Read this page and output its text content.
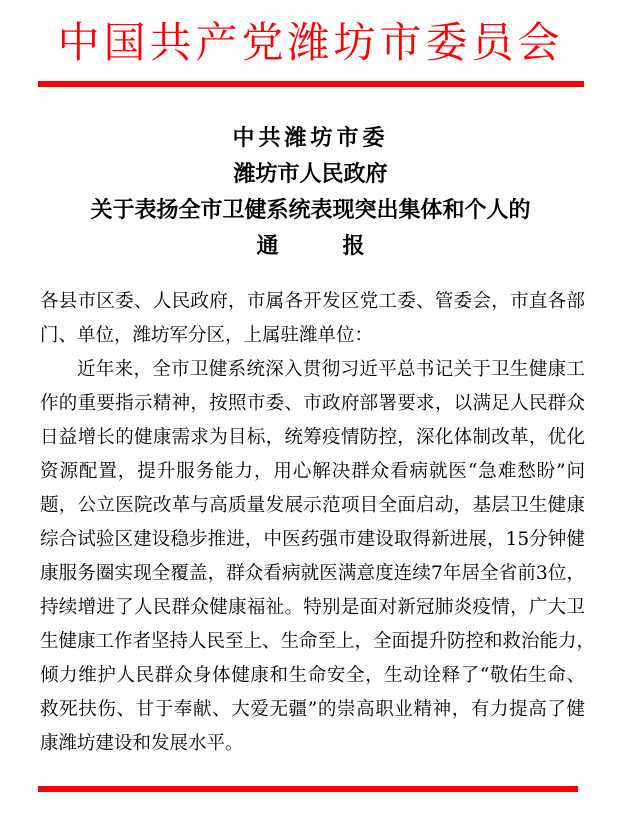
中国共产党潍坊市委员会
中共潍坊市委
潍坊市人民政府
关于表扬全市卫健系统表现突出集体和个人的
通	报
各县市区委、人民政府，市属各开发区党工委、管委会，市直各部
门、单位，潍坊军分区，上属驻潍单位：
近年来，全市卫健系统深入贯彻习近平总书记关于卫生健康工
作的重要指示精神，按照市委、市政府部署要求，以满足人民群众
日益增长的健康需求为目标，统筹疫情防控，深化体制改革，优化
资源配置，提升服务能力，用心解决群众看病就医“急难愁盼”问
题，公立医院改革与高质量发展示范项目全面启动，基层卫生健康
综合试验区建设稳步推进，中医药强市建设取得新进展，15分钟健
康服务圈实现全覆盖，群众看病就医满意度连续7年居全省前3位，
持续增进了人民群众健康福祉。特别是面对新冠肺炎疫情，广大卫
生健康工作者坚持人民至上、生命至上，全面提升防控和救治能力，
倾力维护人民群众身体健康和生命安全，生动诠释了“敬佑生命、
救死扶伤、甘于奉献、大爱无疆”的崇高职业精神，有力提高了健
康潍坊建设和发展水平。
